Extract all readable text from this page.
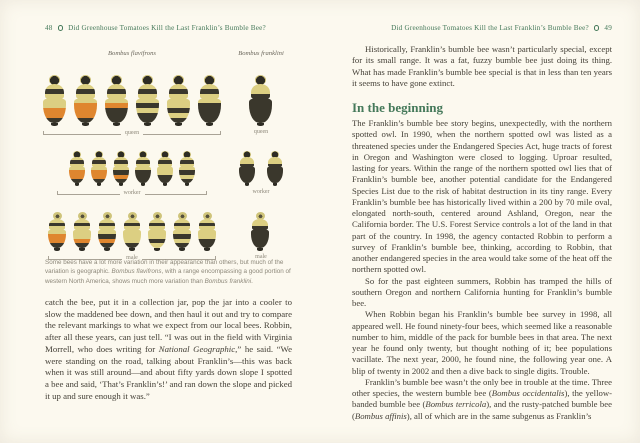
48 Did Greenhouse Tomatoes Kill the Last Franklin’s Bumble Bee?	Did Greenhouse Tomatoes Kill the Last Franklin’s Bumble Bee? 49
Bombus flavifrons
queen
worker
male
Bombus franklini
queen
worker
male
Some bees have a lot more variation in their appearance than others, but much of the variation is geographic. Bombus flavifrons, with a range encompassing a good portion of western North America, shows much more variation than Bombus franklini.
catch the bee, put it in a collection jar, pop the jar into a cooler to slow the maddened bee down, and then haul it out and try to compare the relevant markings to what we expect from our local bees. Robbin, after all these years, can just tell. “I was out in the field with Virginia Morrell, who does writing for National Geographic,” he said. “We were standing on the road, talking about Franklin’s—this was back when it was still around—and about fifty yards down slope I spotted a bee and said, ‘That’s Franklin’s!’ and ran down the slope and picked it up and sure enough it was.”

Historically, Franklin’s bumble bee wasn’t particularly special, except for its small range. It was a fat, fuzzy bumble bee just doing its thing. What has made Franklin’s bumble bee special is that in less than ten years it seems to have gone extinct.

In the beginning

The Franklin’s bumble bee story begins, unexpectedly, with the northern spotted owl. In 1990, when the northern spotted owl was listed as a threatened species under the Endangered Species Act, huge tracts of forest in Oregon and Washington were closed to logging. Uproar resulted, lasting for years. Within the range of the northern spotted owl lies that of Franklin’s bumble bee, another potential candidate for the Endangered Species List due to the risk of habitat destruction in its tiny range. Every Franklin’s bumble bee has historically lived within a 200 by 70 mile oval, elongated north-south, centered around Ashland, Oregon, near the California border. The U.S. Forest Service controls a lot of the land in that part of the country. In 1998, the agency contacted Robbin to perform a survey of Franklin’s bumble bee, thinking, according to Robbin, that another endangered species in the area would take some of the heat off the northern spotted owl.

So for the past eighteen summers, Robbin has tramped the hills of southern Oregon and northern California hunting for Franklin’s bumble bee.

When Robbin began his Franklin’s bumble bee survey in 1998, all appeared well. He found ninety-four bees, which seemed like a reasonable number to him, middle of the pack for bumble bees in that area. The next year he found only twenty, but thought nothing of it; bee populations vacillate. The next year, 2000, he found nine, the following year one. A blip of twenty in 2002 and then a dive back to single digits. Trouble.

Franklin’s bumble bee wasn’t the only bee in trouble at the time. Three other species, the western bumble bee (Bombus occidentalis), the yellow-banded bumble bee (Bombus terricola), and the rusty-patched bumble bee (Bombus affinis), all of which are in the same subgenus as Franklin’s
